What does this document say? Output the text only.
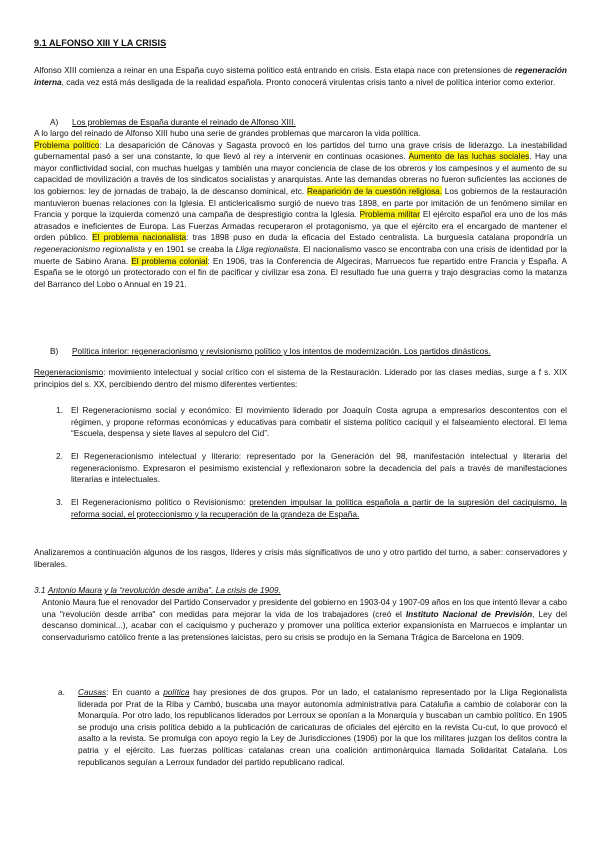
9.1 ALFONSO XIII Y LA CRISIS

Alfonso XIII comienza a reinar en una España cuyo sistema político está entrando en crisis. Esta etapa nace con pretensiones de regeneración interna, cada vez está más desligada de la realidad española. Pronto conocerá virulentas crisis tanto a nivel de política interior como exterior.

A) Los problemas de España durante el reinado de Alfonso XIII.

A lo largo del reinado de Alfonso XIII hubo una serie de grandes problemas que marcaron la vida política.

Problema político: La desaparición de Cánovas y Sagasta provocó en los partidos del turno una grave crisis de liderazgo. La inestabilidad gubernamental pasó a ser una constante, lo que llevó al rey a intervenir en continuas ocasiones. Aumento de las luchas sociales. Hay una mayor conflictividad social, con muchas huelgas y también una mayor conciencia de clase de los obreros y los campesinos y el aumento de su capacidad de movilización a través de los sindicatos socialistas y anarquistas. Ante las demandas obreras no fueron suficientes las acciones de los gobiernos: ley de jornadas de trabajo, la de descanso dominical, etc. Reaparición de la cuestión religiosa. Los gobiernos de la restauración mantuvieron buenas relaciones con la Iglesia. El anticlericalismo surgió de nuevo tras 1898, en parte por imitación de un fenómeno similar en Francia y porque la izquierda comenzó una campaña de desprestigio contra la Iglesia. Problema militar El ejército español era uno de los más atrasados e ineficientes de Europa. Las Fuerzas Armadas recuperaron el protagonismo, ya que el ejército era el encargado de mantener el orden público. El problema nacionalista: tras 1898 puso en duda la eficacia del Estado centralista. La burguesía catalana propondría un regeneracionismo regionalista y en 1901 se creaba la Lliga regionalista. El nacionalismo vasco se encontraba con una crisis de identidad por la muerte de Sabino Arana. El problema colonial: En 1906, tras la Conferencia de Algeciras, Marruecos fue repartido entre Francia y España. A España se le otorgó un protectorado con el fin de pacificar y civilizar esa zona. El resultado fue una guerra y trajo desgracias como la matanza del Barranco del Lobo o Annual en 19 21.

B) Política interior: regeneracionismo y revisionismo político y los intentos de modernización. Los partidos dinásticos.

Regeneracionismo: movimiento intelectual y social crítico con el sistema de la Restauración. Liderado por las clases medias, surge a f s. XIX principios del s. XX, percibiendo dentro del mismo diferentes vertientes:

1. El Regeneracionismo social y económico: El movimiento liderado por Joaquín Costa agrupa a empresarios descontentos con el régimen, y propone reformas económicas y educativas para combatir el sistema político caciquil y el falseamiento electoral. El lema “Escuela, despensa y siete llaves al sepulcro del Cid”.
2. El Regeneracionismo intelectual y literario: representado por la Generación del 98, manifestación intelectual y literaria del regeneracionismo. Expresaron el pesimismo existencial y reflexionaron sobre la decadencia del país a través de manifestaciones literarias e intelectuales.
3. El Regeneracionismo político o Revisionismo: pretenden impulsar la política española a partir de la supresión del caciquismo, la reforma social, el proteccionismo y la recuperación de la grandeza de España.
Analizaremos a continuación algunos de los rasgos, líderes y crisis más significativos de uno y otro partido del turno, a saber: conservadores y liberales.
3.1 Antonio Maura y la “revolución desde arriba”. La crisis de 1909.

Antonio Maura fue el renovador del Partido Conservador y presidente del gobierno en 1903-04 y 1907-09 años en los que intentó llevar a cabo una "revolución desde arriba" con medidas para mejorar la vida de los trabajadores (creó el Instituto Nacional de Previsión, Ley del descanso dominical...), acabar con el caciquismo y pucherazo y promover una política exterior expansionista en Marruecos e implantar un conservadurismo católico frente a las pretensiones laicistas, pero su crisis se produjo en la Semana Trágica de Barcelona en 1909.

a. Causas: En cuanto a política hay presiones de dos grupos. Por un lado, el catalanismo representado por la Lliga Regionalista liderada por Prat de la Riba y Cambó, buscaba una mayor autonomía administrativa para Cataluña a cambio de colaborar con la Monarquía. Por otro lado, los republicanos liderados por Lerroux se oponían a la Monarquía y buscaban un cambio político. En 1905 se produjo una crisis política debido a la publicación de caricaturas de oficiales del ejército en la revista Cu-cut, lo que provocó el asalto a la revista. Se promulga con apoyo regio la Ley de Jurisdicciones (1906) por la que los militares juzgan los delitos contra la patria y el ejército. Las fuerzas políticas catalanas crean una coalición antimonárquica llamada Solidaritat Catalana. Los republicanos seguían a Lerroux fundador del partido republicano radical.
